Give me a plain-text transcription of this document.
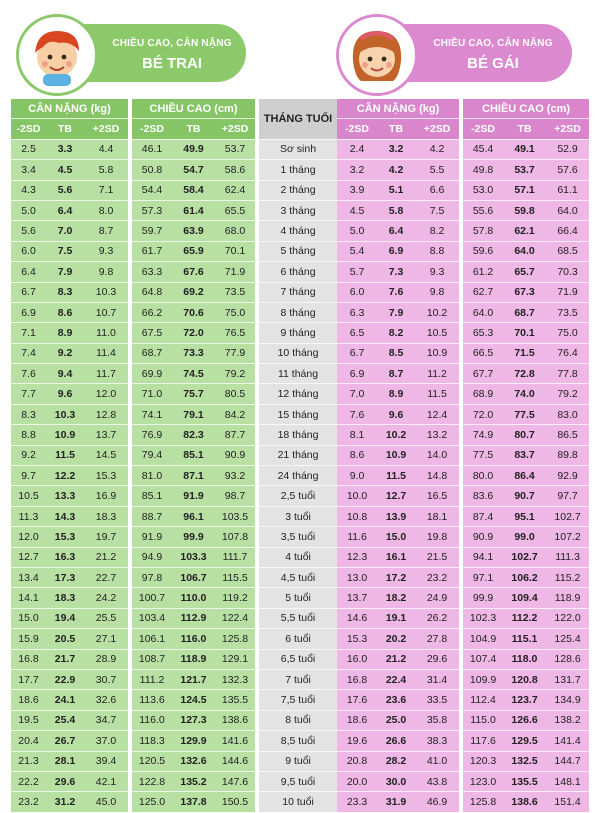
CHIỀU CAO, CÂN NẶNG
BÉ TRAI
CHIỀU CAO, CÂN NẶNG
BÉ GÁI
CÂN NẶNG (kg)				CHIỀU CAO (cm)				THÁNG TUỔI	CÂN NẶNG (kg)				CHIỀU CAO (cm)		
-2SD	TB	+2SD		-2SD	TB	+2SD			-2SD	TB	+2SD		-2SD	TB	+2SD
2.5	3.3	4.4		46.1	49.9	53.7		Sơ sinh	2.4	3.2	4.2		45.4	49.1	52.9
3.4	4.5	5.8		50.8	54.7	58.6		1 tháng	3.2	4.2	5.5		49.8	53.7	57.6
4.3	5.6	7.1		54.4	58.4	62.4		2 tháng	3.9	5.1	6.6		53.0	57.1	61.1
5.0	6.4	8.0		57.3	61.4	65.5		3 tháng	4.5	5.8	7.5		55.6	59.8	64.0
5.6	7.0	8.7		59.7	63.9	68.0		4 tháng	5.0	6.4	8.2		57.8	62.1	66.4
6.0	7.5	9.3		61.7	65.9	70.1		5 tháng	5.4	6.9	8.8		59.6	64.0	68.5
6.4	7.9	9.8		63.3	67.6	71.9		6 tháng	5.7	7.3	9.3		61.2	65.7	70.3
6.7	8.3	10.3		64.8	69.2	73.5		7 tháng	6.0	7.6	9.8		62.7	67.3	71.9
6.9	8.6	10.7		66.2	70.6	75.0		8 tháng	6.3	7.9	10.2		64.0	68.7	73.5
7.1	8.9	11.0		67.5	72.0	76.5		9 tháng	6.5	8.2	10.5		65.3	70.1	75.0
7.4	9.2	11.4		68.7	73.3	77.9		10 tháng	6.7	8.5	10.9		66.5	71.5	76.4
7.6	9.4	11.7		69.9	74.5	79.2		11 tháng	6.9	8.7	11.2		67.7	72.8	77.8
7.7	9.6	12.0		71.0	75.7	80.5		12 tháng	7.0	8.9	11.5		68.9	74.0	79.2
8.3	10.3	12.8		74.1	79.1	84.2		15 tháng	7.6	9.6	12.4		72.0	77.5	83.0
8.8	10.9	13.7		76.9	82.3	87.7		18 tháng	8.1	10.2	13.2		74.9	80.7	86.5
9.2	11.5	14.5		79.4	85.1	90.9		21 tháng	8.6	10.9	14.0		77.5	83.7	89.8
9.7	12.2	15.3		81.0	87.1	93.2		24 tháng	9.0	11.5	14.8		80.0	86.4	92.9
10.5	13.3	16.9		85.1	91.9	98.7		2,5 tuổi	10.0	12.7	16.5		83.6	90.7	97.7
11.3	14.3	18.3		88.7	96.1	103.5		3 tuổi	10.8	13.9	18.1		87.4	95.1	102.7
12.0	15.3	19.7		91.9	99.9	107.8		3,5 tuổi	11.6	15.0	19.8		90.9	99.0	107.2
12.7	16.3	21.2		94.9	103.3	111.7		4 tuổi	12.3	16.1	21.5		94.1	102.7	111.3
13.4	17.3	22.7		97.8	106.7	115.5		4,5 tuổi	13.0	17.2	23.2		97.1	106.2	115.2
14.1	18.3	24.2		100.7	110.0	119.2		5 tuổi	13.7	18.2	24.9		99.9	109.4	118.9
15.0	19.4	25.5		103.4	112.9	122.4		5,5 tuổi	14.6	19.1	26.2		102.3	112.2	122.0
15.9	20.5	27.1		106.1	116.0	125.8		6 tuổi	15.3	20.2	27.8		104.9	115.1	125.4
16.8	21.7	28.9		108.7	118.9	129.1		6,5 tuổi	16.0	21.2	29.6		107.4	118.0	128.6
17.7	22.9	30.7		111.2	121.7	132.3		7 tuổi	16.8	22.4	31.4		109.9	120.8	131.7
18.6	24.1	32.6		113.6	124.5	135.5		7,5 tuổi	17.6	23.6	33.5		112.4	123.7	134.9
19.5	25.4	34.7		116.0	127.3	138.6		8 tuổi	18.6	25.0	35.8		115.0	126.6	138.2
20.4	26.7	37.0		118.3	129.9	141.6		8,5 tuổi	19.6	26.6	38.3		117.6	129.5	141.4
21.3	28.1	39.4		120.5	132.6	144.6		9 tuổi	20.8	28.2	41.0		120.3	132.5	144.7
22.2	29.6	42.1		122.8	135.2	147.6		9,5 tuổi	20.0	30.0	43.8		123.0	135.5	148.1
23.2	31.2	45.0		125.0	137.8	150.5		10 tuổi	23.3	31.9	46.9		125.8	138.6	151.4
